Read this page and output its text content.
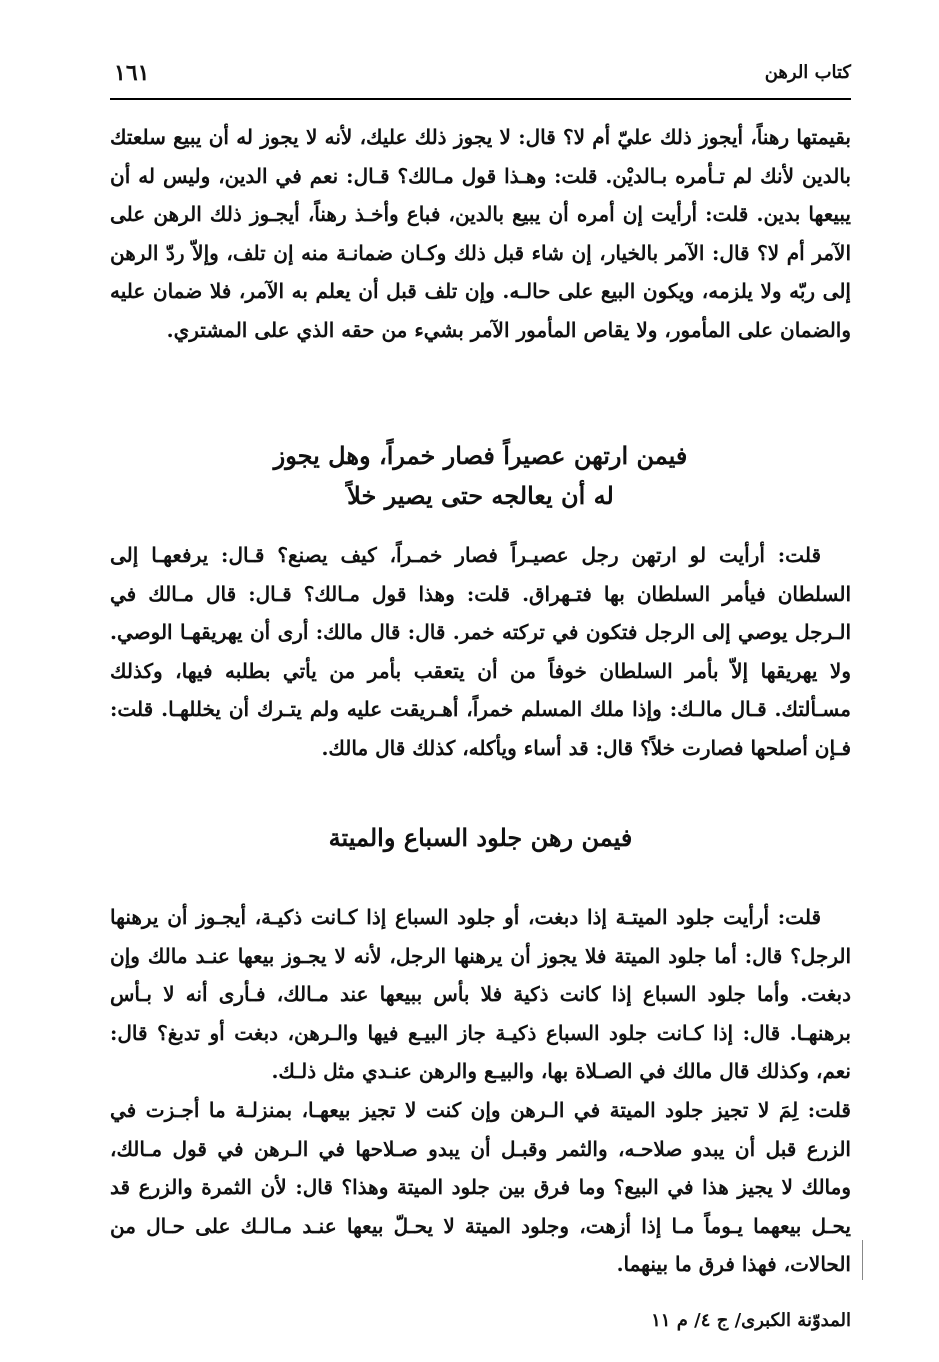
كتاب الرهن
١٦١

بقيمتها رهناً، أيجوز ذلك عليّ أم لا؟ قال: لا يجوز ذلك عليك، لأنه لا يجوز له أن يبيع سلعتك بالدين لأنك لم تـأمره بـالديْن. قلت: وهـذا قول مـالك؟ قـال: نعم في الدين، وليس له أن يبيعها بدين. قلت: أرأيت إن أمره أن يبيع بالدين، فباع وأخـذ رهناً، أيجـوز ذلك الرهن على الآمر أم لا؟ قال: الآمر بالخيار، إن شاء قبل ذلك وكـان ضمانـة منه إن تلف، وإلاّ ردّ الرهن إلى ربّه ولا يلزمه، ويكون البيع على حالـه. وإن تلف قبل أن يعلم به الآمر، فلا ضمان عليه والضمان على المأمور، ولا يقاص المأمور الآمر بشيء من حقه الذي على المشتري.

فيمن ارتهن عصيراً فصار خمراً، وهل يجوز
له أن يعالجه حتى يصير خلاً

قلت: أرأيت لو ارتهن رجل عصيـراً فصار خمـراً، كيف يصنع؟ قـال: يرفعهـا إلى السلطان فيأمر السلطان بها فتـهراق. قلت: وهذا قول مـالك؟ قـال: قال مـالك في الـرجل يوصي إلى الرجل فتكون في تركته خمر. قال: قال مالك: أرى أن يهريقهـا الوصي. ولا يهريقها إلاّ بأمر السلطان خوفاً من أن يتعقب بأمر من يأتي بطلبه فيها، وكذلك مسـألتك. قـال مالـك: وإذا ملك المسلم خمراً، أهـريقت عليه ولم يتـرك أن يخللهـا. قلت: فـإن أصلحها فصارت خلاً؟ قال: قد أساء ويأكله، كذلك قال مالك.

فيمن رهن جلود السباع والميتة

قلت: أرأيت جلود الميتـة إذا دبغت، أو جلود السباع إذا كـانت ذكيـة، أيجـوز أن يرهنها الرجل؟ قال: أما جلود الميتة فلا يجوز أن يرهنها الرجل، لأنه لا يجـوز بيعها عنـد مالك وإن دبغت. وأما جلود السباع إذا كانت ذكية فلا بأس ببيعها عند مـالك، فـأرى أنه لا بـأس برهنهـا. قال: إذا كـانت جلود السباع ذكيـة جاز البيـع فيها والـرهن، دبغت أو تدبغ؟ قال: نعم، وكذلك قال مالك في الصـلاة بها، والبيـع والرهن عنـدي مثل ذلـك.

قلت: لِمَ لا تجيز جلود الميتة في الـرهن وإن كنت لا تجيز بيعهـا، بمنزلـة ما أجـزت في الزرع قبل أن يبدو صلاحـه، والثمر وقبـل أن يبدو صـلاحها في الـرهن في قول مـالك، ومالك لا يجيز هذا في البيع؟ وما فرق بين جلود الميتة وهذا؟ قال: لأن الثمرة والزرع قد يحـل بيعهما يـوماً مـا إذا أزهت، وجلود الميتة لا يحـلّ بيعها عنـد مـالـك على حـال من الحالات، فهذا فرق ما بينهما.

المدوّنة الكبرى/ ج ٤/ م ١١
